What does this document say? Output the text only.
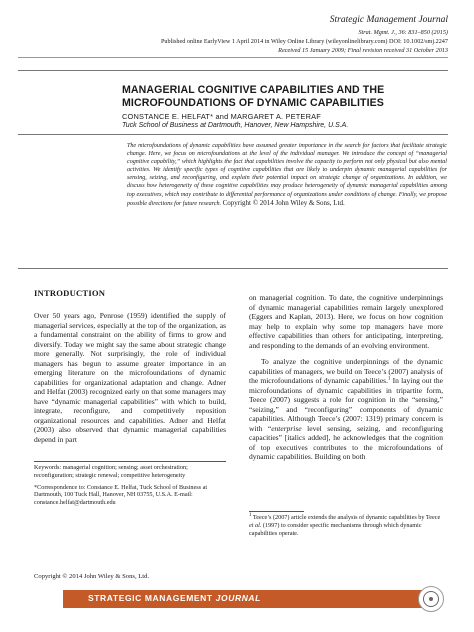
Strategic Management Journal
Strat. Mgmt. J., 36: 831–850 (2015)
Published online EarlyView 1 April 2014 in Wiley Online Library (wileyonlinelibrary.com) DOI: 10.1002/smj.2247
Received 15 January 2009; Final revision received 31 October 2013
MANAGERIAL COGNITIVE CAPABILITIES AND THE
MICROFOUNDATIONS OF DYNAMIC CAPABILITIES
CONSTANCE E. HELFAT* and MARGARET A. PETERAF
Tuck School of Business at Dartmouth, Hanover, New Hampshire, U.S.A.
The microfoundations of dynamic capabilities have assumed greater importance in the search for factors that facilitate strategic change. Here, we focus on microfoundations at the level of the individual manager. We introduce the concept of “managerial cognitive capability,” which highlights the fact that capabilities involve the capacity to perform not only physical but also mental activities. We identify specific types of cognitive capabilities that are likely to underpin dynamic managerial capabilities for sensing, seizing, and reconfiguring, and explain their potential impact on strategic change of organizations. In addition, we discuss how heterogeneity of these cognitive capabilities may produce heterogeneity of dynamic managerial capabilities among top executives, which may contribute to differential performance of organizations under conditions of change. Finally, we propose possible directions for future research. Copyright © 2014 John Wiley & Sons, Ltd.
INTRODUCTION

Over 50 years ago, Penrose (1959) identified the supply of managerial services, especially at the top of the organization, as a fundamental constraint on the ability of firms to grow and diversify. Today we might say the same about strategic change more generally. Not surprisingly, the role of individual managers has begun to assume greater importance in an emerging literature on the microfoundations of dynamic capabilities for organizational adaptation and change. Adner and Helfat (2003) recognized early on that some managers may have “dynamic managerial capabilities” with which to build, integrate, reconfigure, and competitively reposition organizational resources and capabilities. Adner and Helfat (2003) also observed that dynamic managerial capabilities depend in part

on managerial cognition. To date, the cognitive underpinnings of dynamic managerial capabilities remain largely unexplored (Eggers and Kaplan, 2013). Here, we focus on how cognition may help to explain why some top managers have more effective capabilities than others for anticipating, interpreting, and responding to the demands of an evolving environment.

To analyze the cognitive underpinnings of the dynamic capabilities of managers, we build on Teece’s (2007) analysis of the microfoundations of dynamic capabilities.$^1$ In laying out the microfoundations of dynamic capabilities in tripartite form, Teece (2007) suggests a role for cognition in the “sensing,” “seizing,” and “reconfiguring” components of dynamic capabilities. Although Teece’s (2007: 1319) primary concern is with “enterprise level sensing, seizing, and reconfiguring capacities” [italics added], he acknowledges that the cognition of top executives contributes to the microfoundations of dynamic capabilities. Building on both

Keywords: managerial cognition; sensing; asset orchestration; reconfiguration; strategic renewal; competitive heterogeneity

*Correspondence to: Constance E. Helfat, Tuck School of Business at Dartmouth, 100 Tuck Hall, Hanover, NH 03755, U.S.A. E-mail: constance.helfat@dartmouth.edu

$^1$ Teece’s (2007) article extends the analysis of dynamic capabilities by Teece et al. (1997) to consider specific mechanisms through which dynamic capabilities operate.
Copyright © 2014 John Wiley & Sons, Ltd.
STRATEGIC MANAGEMENT JOURNAL
